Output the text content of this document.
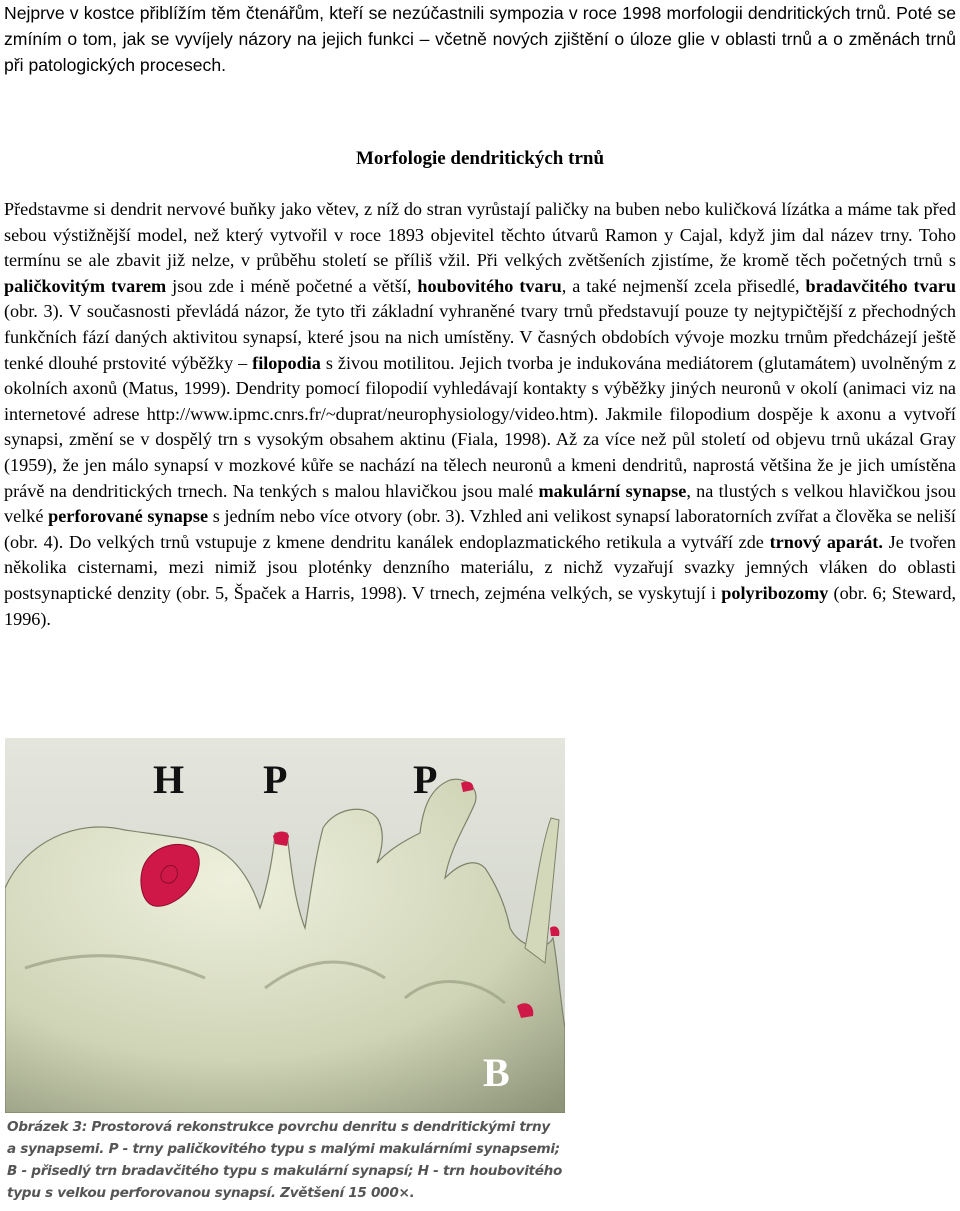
Nejprve v kostce přiblížím těm čtenářům, kteří se nezúčastnili sympozia v roce 1998 morfologii dendritických trnů. Poté se zmíním o tom, jak se vyvíjely názory na jejich funkci – včetně nových zjištění o úloze glie v oblasti trnů a o změnách trnů při patologických procesech.

Morfologie dendritických trnů

Představme si dendrit nervové buňky jako větev, z níž do stran vyrůstají paličky na buben nebo kuličková lízátka a máme tak před sebou výstižnější model, než který vytvořil v roce 1893 objevitel těchto útvarů Ramon y Cajal, když jim dal název trny. Toho termínu se ale zbavit již nelze, v průběhu století se příliš vžil. Při velkých zvětšeních zjistíme, že kromě těch početných trnů s paličkovitým tvarem jsou zde i méně početné a větší, houbovitého tvaru, a také nejmenší zcela přisedlé, bradavčitého tvaru (obr. 3). V současnosti převládá názor, že tyto tři základní vyhraněné tvary trnů představují pouze ty nejtypičtější z přechodných funkčních fází daných aktivitou synapsí, které jsou na nich umístěny. V časných obdobích vývoje mozku trnům předcházejí ještě tenké dlouhé prstovité výběžky – filopodia s živou motilitou. Jejich tvorba je indukována mediátorem (glutamátem) uvolněným z okolních axonů (Matus, 1999). Dendrity pomocí filopodií vyhledávají kontakty s výběžky jiných neuronů v okolí (animaci viz na internetové adrese http://www.ipmc.cnrs.fr/~duprat/neurophysiology/video.htm). Jakmile filopodium dospěje k axonu a vytvoří synapsi, změní se v dospělý trn s vysokým obsahem aktinu (Fiala, 1998). Až za více než půl století od objevu trnů ukázal Gray (1959), že jen málo synapsí v mozkové kůře se nachází na tělech neuronů a kmeni dendritů, naprostá většina že je jich umístěna právě na dendritických trnech. Na tenkých s malou hlavičkou jsou malé makulární synapse, na tlustých s velkou hlavičkou jsou velké perforované synapse s jedním nebo více otvory (obr. 3). Vzhled ani velikost synapsí laboratorních zvířat a člověka se neliší (obr. 4). Do velkých trnů vstupuje z kmene dendritu kanálek endoplazmatického retikula a vytváří zde trnový aparát. Je tvořen několika cisternami, mezi nimiž jsou ploténky denzního materiálu, z nichž vyzařují svazky jemných vláken do oblasti postsynaptické denzity (obr. 5, Špaček a Harris, 1998). V trnech, zejména velkých, se vyskytují i polyribozomy (obr. 6; Steward, 1996).

H P	P
B

Obrázek 3: Prostorová rekonstrukce povrchu denritu s dendritickými trny a synapsemi. P - trny paličkovitého typu s malými makulárními synapsemi; B - přisedlý trn bradavčitého typu s makulární synapsí; H - trn houbovitého typu s velkou perforovanou synapsí. Zvětšení 15 000×.
